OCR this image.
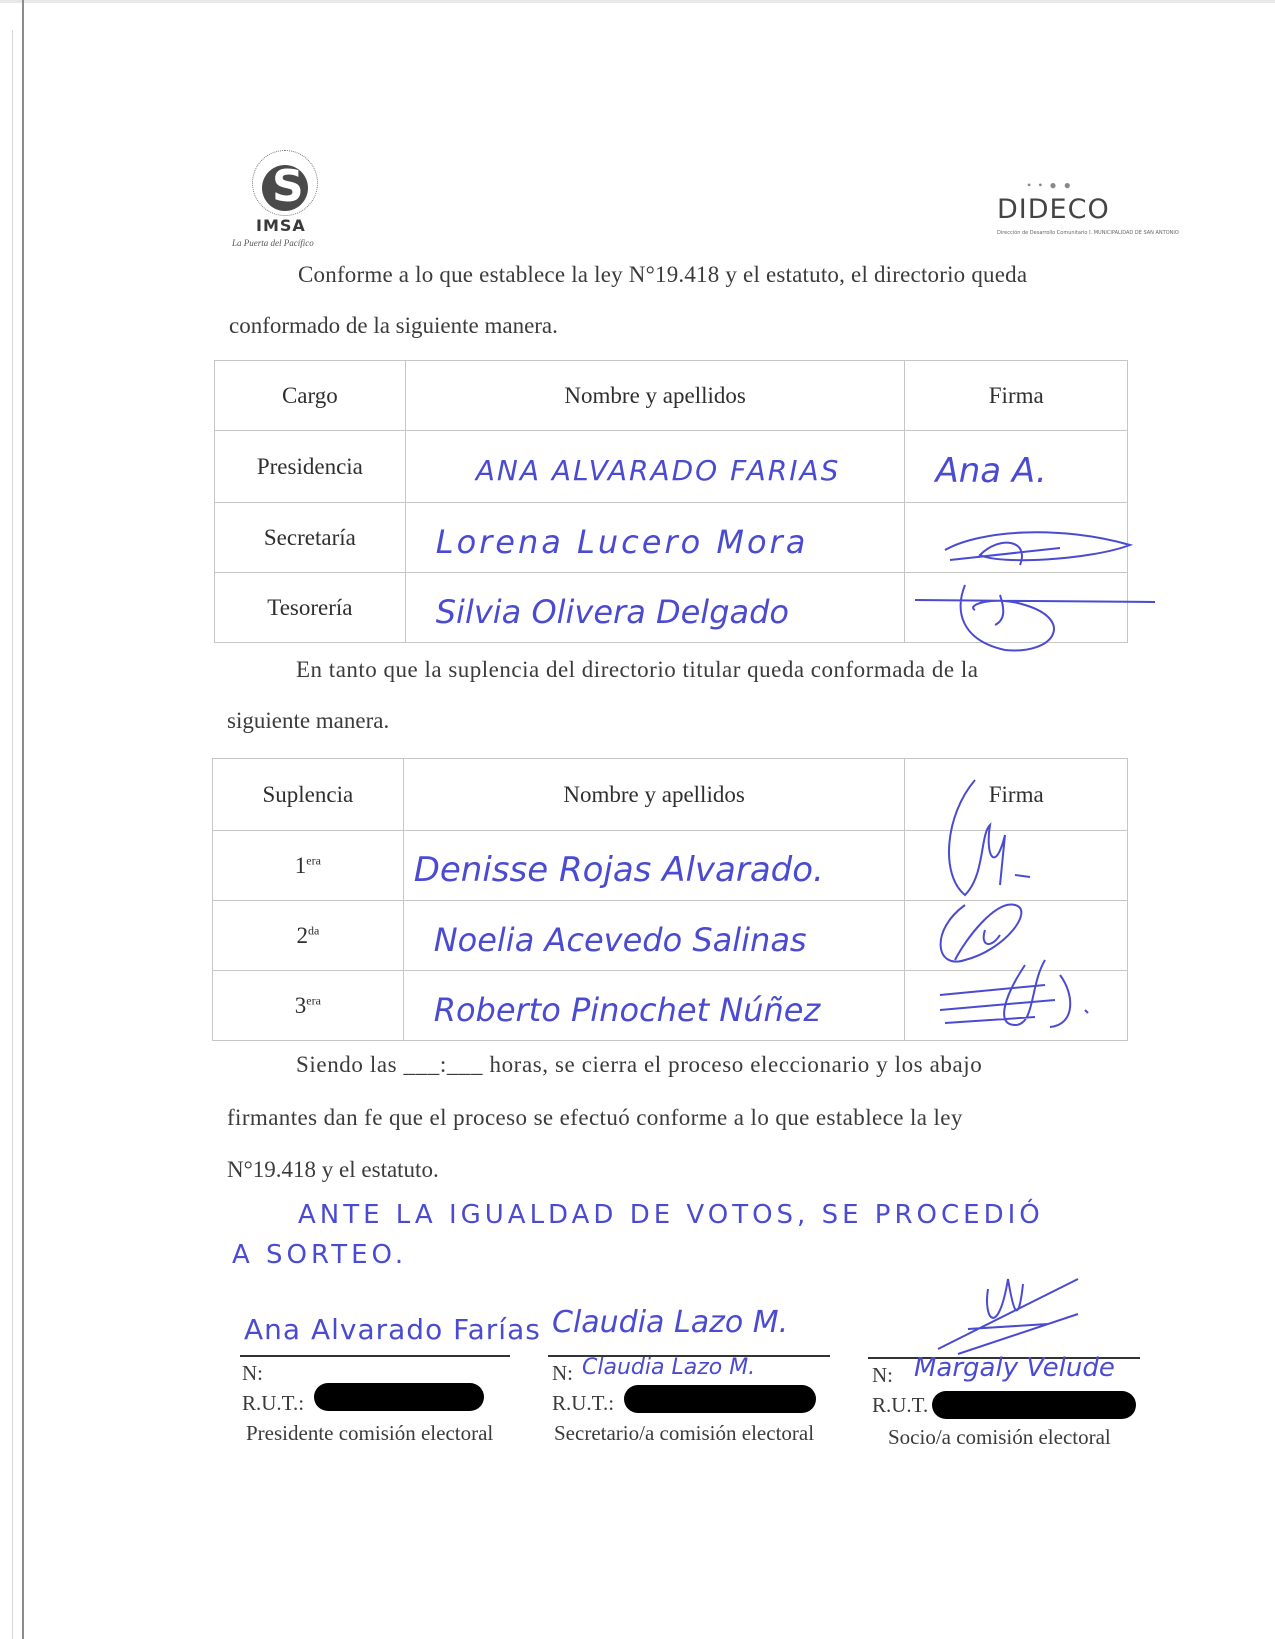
S
IMSA
La Puerta del Pacífico
• • ● ●
DIDECO
Dirección de Desarrollo Comunitario I. MUNICIPALIDAD DE SAN ANTONIO
Conforme a lo que establece la ley N°19.418 y el estatuto, el directorio queda
conformado de la siguiente manera.
Cargo	Nombre y apellidos	Firma
Presidencia	ANA ALVARADO FARIAS	Ana A.

Secretaría	Lorena Lucero Mora	

Tesorería	Silvia Olivera Delgado	

En tanto que la suplencia del directorio titular queda conformada de la
siguiente manera.
Suplencia	Nombre y apellidos	Firma
$1^{era}$	Denisse Rojas Alvarado.	

$2^{da}$	Noelia Acevedo Salinas	

$3^{era}$	Roberto Pinochet Núñez	

Siendo las ___:___ horas, se cierra el proceso eleccionario y los abajo
firmantes dan fe que el proceso se efectuó conforme a lo que establece la ley
N°19.418 y el estatuto.
ANTE LA IGUALDAD DE VOTOS, SE PROCEDIÓ
A SORTEO.
Ana Alvarado Farías
N:
R.U.T.:
Presidente comisión electoral
Claudia Lazo M.
N: Claudia Lazo M.
R.U.T.:
Secretario/a comisión electoral
N: Margaly Velude
R.U.T.
Socio/a comisión electoral
